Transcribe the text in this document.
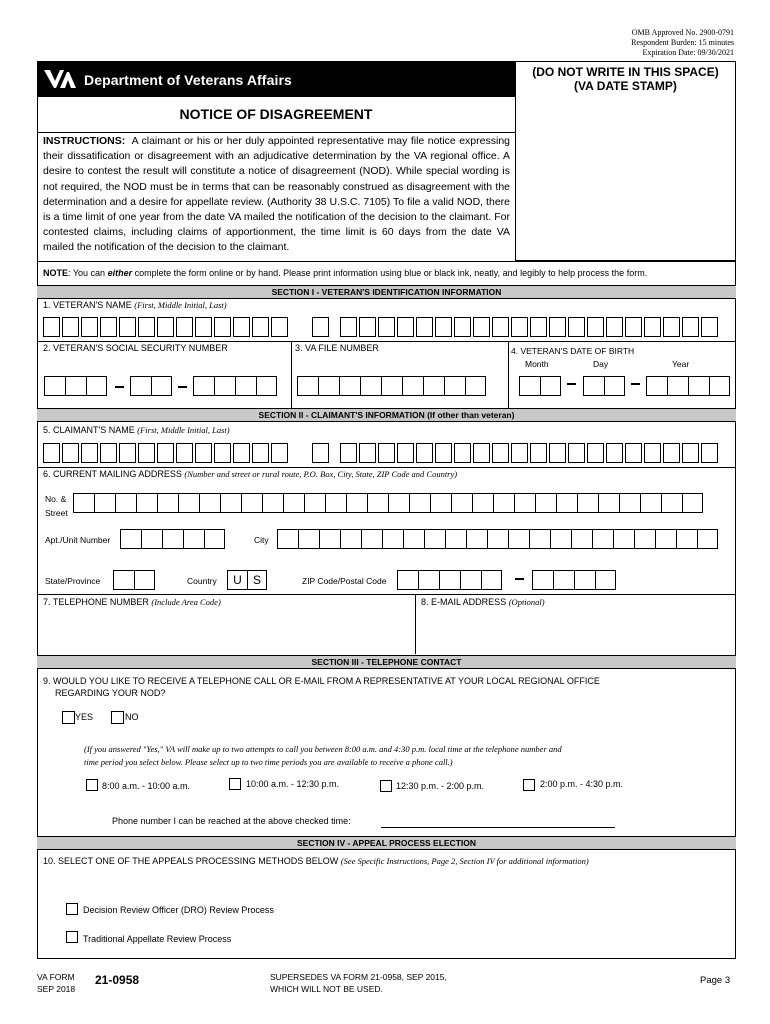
OMB Approved No. 2900-0791
Respondent Burden: 15 minutes
Expiration Date: 09/30/2021
Department of Veterans Affairs	(DO NOT WRITE IN THIS SPACE)
(VA DATE STAMP)
NOTICE OF DISAGREEMENT
INSTRUCTIONS: A claimant or his or her duly appointed representative may file notice expressing their dissatification or disagreement with an adjudicative determination by the VA regional office. A desire to contest the result will constitute a notice of disagreement (NOD). While special wording is not required, the NOD must be in terms that can be reasonably construed as disagreement with the determination and a desire for appellate review. (Authority 38 U.S.C. 7105) To file a valid NOD, there is a time limit of one year from the date VA mailed the notification of the decision to the claimant. For contested claims, including claims of apportionment, the time limit is 60 days from the date VA mailed the notification of the decision to the claimant.
NOTE: You can either complete the form online or by hand. Please print information using blue or black ink, neatly, and legibly to help process the form.
SECTION I - VETERAN'S IDENTIFICATION INFORMATION
1. VETERAN'S NAME (First, Middle Initial, Last)
2. VETERAN'S SOCIAL SECURITY NUMBER	3. VA FILE NUMBER	4. VETERAN'S DATE OF BIRTH
Month	Day	Year
SECTION II - CLAIMANT'S INFORMATION (If other than veteran)
5. CLAIMANT'S NAME (First, Middle Initial, Last)
6. CURRENT MAILING ADDRESS (Number and street or rural route, P.O. Box, City, State, ZIP Code and Country)
No. &
Street
Apt./Unit Number	City
State/Province	Country	U S	ZIP Code/Postal Code
7. TELEPHONE NUMBER (Include Area Code)	8. E-MAIL ADDRESS (Optional)
SECTION III - TELEPHONE CONTACT
9. WOULD YOU LIKE TO RECEIVE A TELEPHONE CALL OR E-MAIL FROM A REPRESENTATIVE AT YOUR LOCAL REGIONAL OFFICE
REGARDING YOUR NOD?
YES	NO
(If you answered "Yes," VA will make up to two attempts to call you between 8:00 a.m. and 4:30 p.m. local time at the telephone number and
time period you select below. Please select up to two time periods you are available to receive a phone call.)
8:00 a.m. - 10:00 a.m.	10:00 a.m. - 12:30 p.m.	12:30 p.m. - 2:00 p.m.	2:00 p.m. - 4:30 p.m.
Phone number I can be reached at the above checked time:
SECTION IV - APPEAL PROCESS ELECTION
10. SELECT ONE OF THE APPEALS PROCESSING METHODS BELOW (See Specific Instructions, Page 2, Section IV for additional information)
Decision Review Officer (DRO) Review Process
Traditional Appellate Review Process
VA FORM
SEP 2018
21-0958	SUPERSEDES VA FORM 21-0958, SEP 2015,
WHICH WILL NOT BE USED.
Page 3
